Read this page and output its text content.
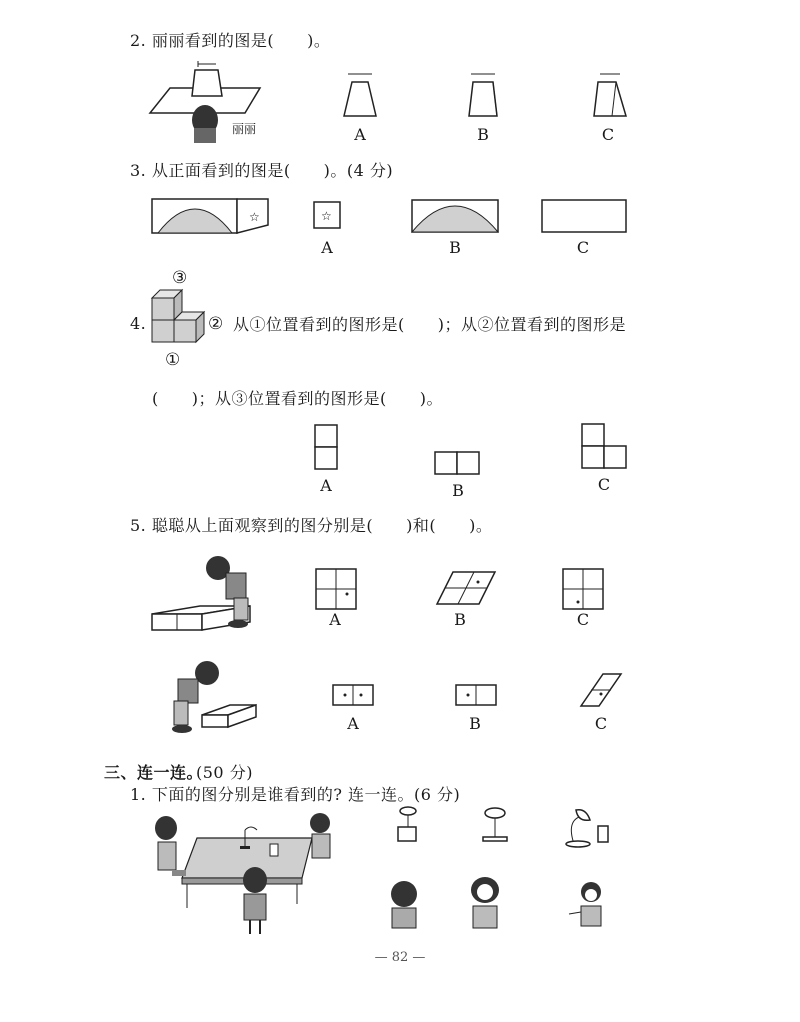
2. 丽丽看到的图是(　　)。
丽丽	A	B	C
3. 从正面看到的图是(　　)。(4 分)
☆	☆
A	B	C
4.
③
②
①
从①位置看到的图形是(　　)；从②位置看到的图形是
(　　)；从③位置看到的图形是(　　)。
A	B	C
5. 聪聪从上面观察到的图分别是(　　)和(　　)。
A	B	C
A	B	C
三、连一连。
(50 分)
1. 下面的图分别是谁看到的? 连一连。(6 分)
— 82 —
